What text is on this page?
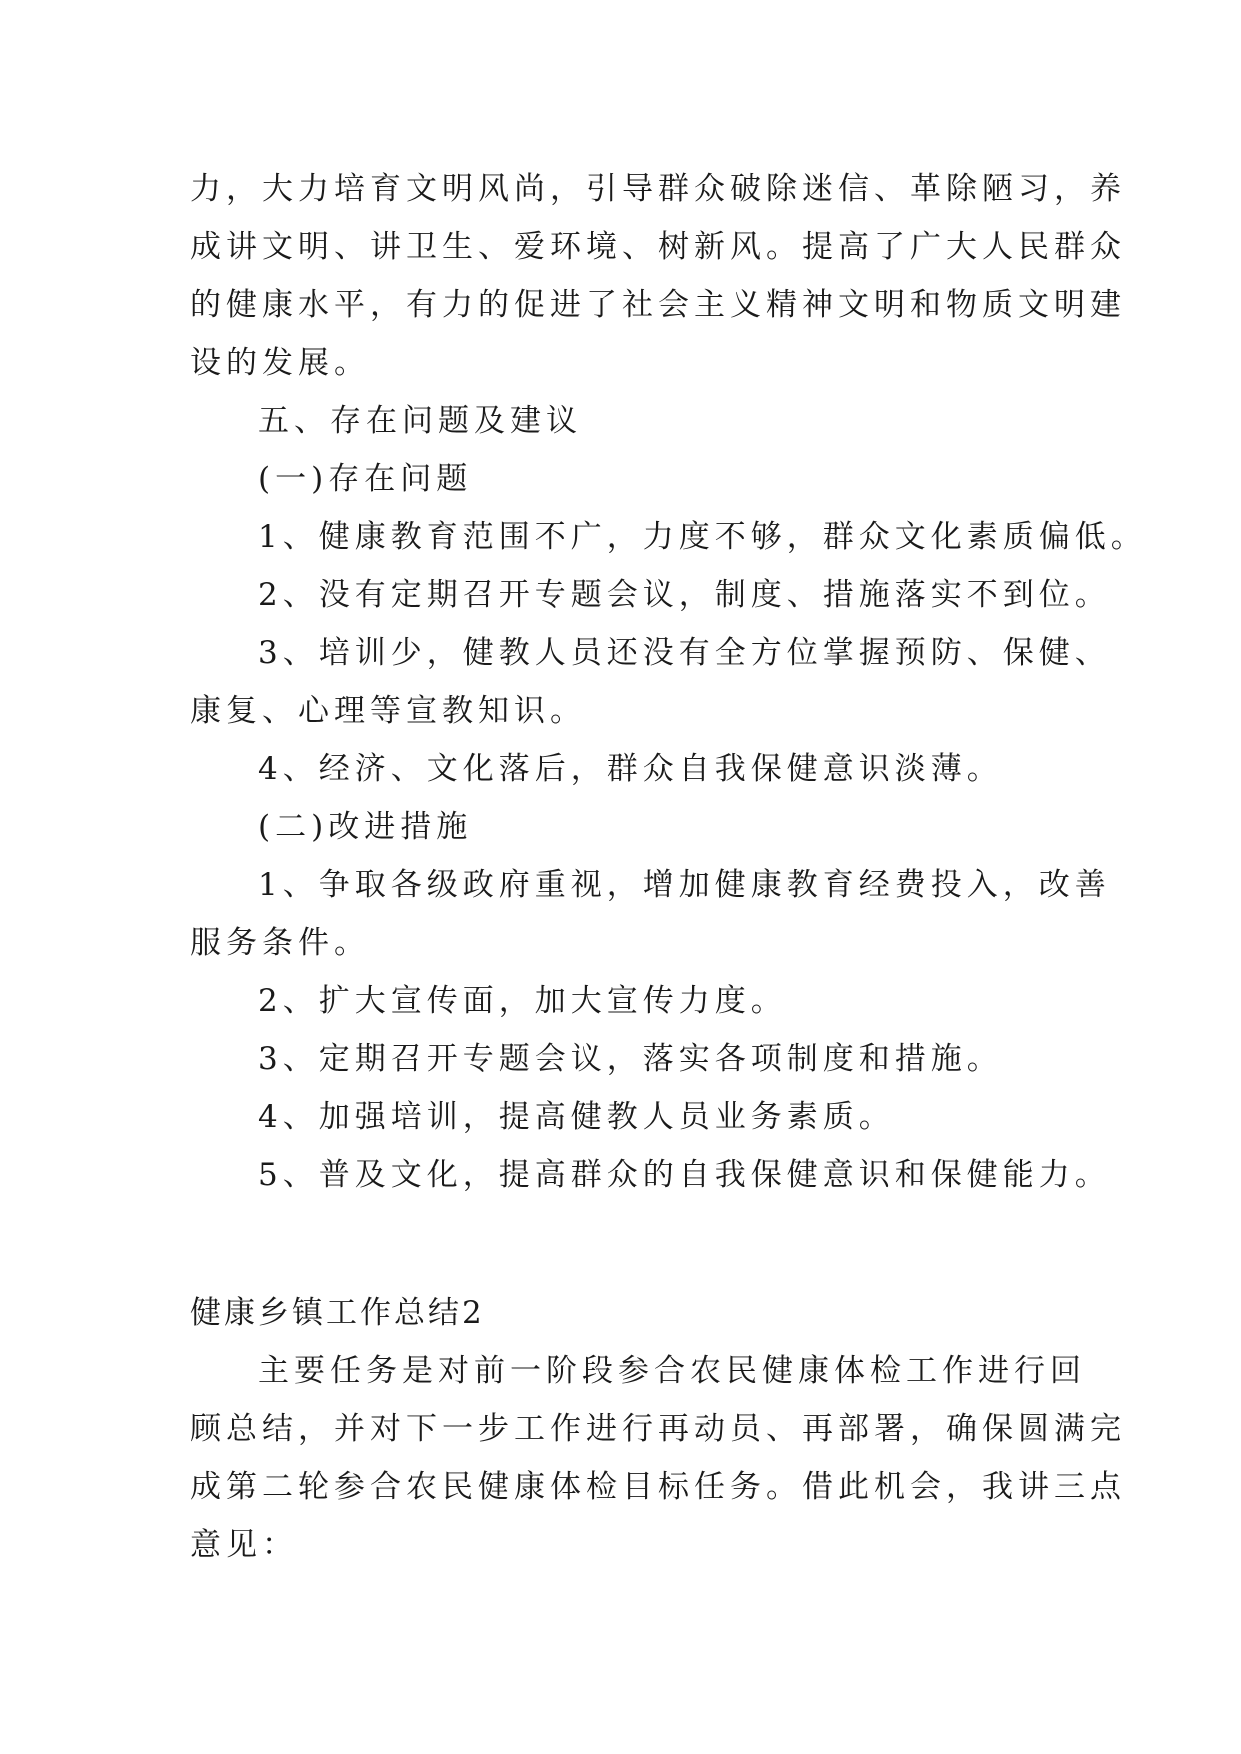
力，大力培育文明风尚，引导群众破除迷信、革除陋习，养
成讲文明、讲卫生、爱环境、树新风。提高了广大人民群众
的健康水平，有力的促进了社会主义精神文明和物质文明建
设的发展。
五、存在问题及建议
(一)存在问题
1、健康教育范围不广，力度不够，群众文化素质偏低。
2、没有定期召开专题会议，制度、措施落实不到位。
3、培训少，健教人员还没有全方位掌握预防、保健、
康复、心理等宣教知识。
4、经济、文化落后，群众自我保健意识淡薄。
(二)改进措施
1、争取各级政府重视，增加健康教育经费投入，改善
服务条件。
2、扩大宣传面，加大宣传力度。
3、定期召开专题会议，落实各项制度和措施。
4、加强培训，提高健教人员业务素质。
5、普及文化，提高群众的自我保健意识和保健能力。
健康乡镇工作总结2
主要任务是对前一阶段参合农民健康体检工作进行回
顾总结，并对下一步工作进行再动员、再部署，确保圆满完
成第二轮参合农民健康体检目标任务。借此机会，我讲三点
意见：
